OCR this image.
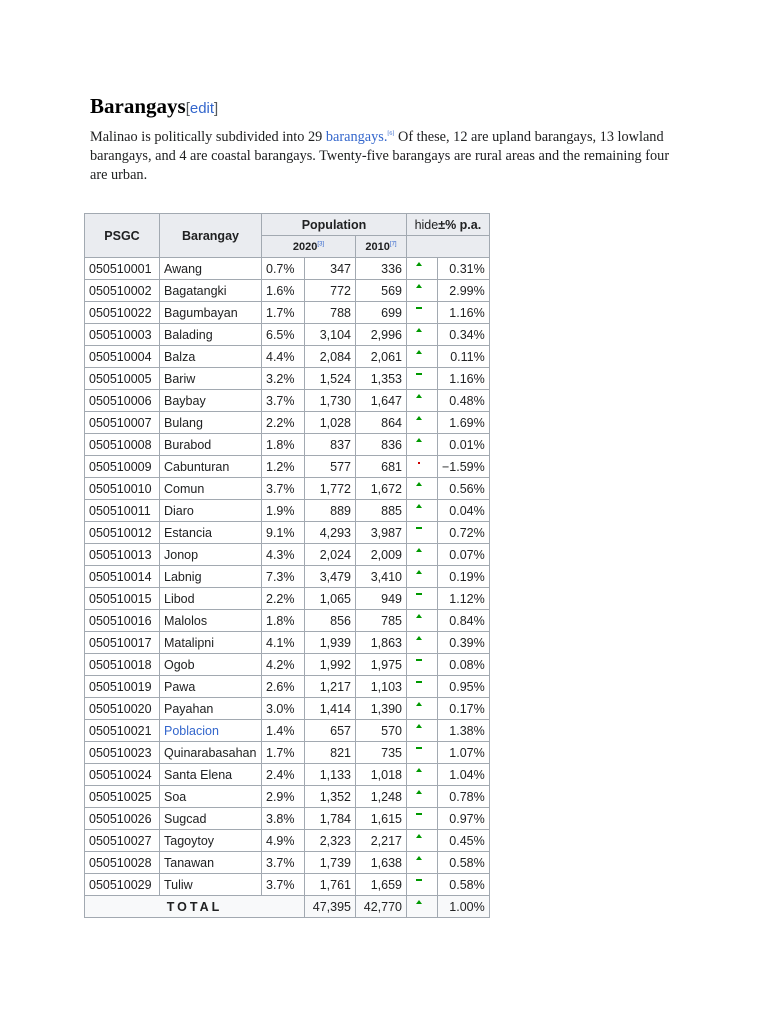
Barangays[edit]

Malinao is politically subdivided into 29 barangays.[6] Of these, 12 are upland barangays, 13 lowland barangays, and 4 are coastal barangays. Twenty-five barangays are rural areas and the remaining four are urban.

PSGC	Barangay	Population			hide±% p.a.	
		2020[3]		2010[7]	
050510001	Awang	0.7%	347	336		0.31%
050510002	Bagatangki	1.6%	772	569		2.99%
050510022	Bagumbayan	1.7%	788	699		1.16%
050510003	Balading	6.5%	3,104	2,996		0.34%
050510004	Balza	4.4%	2,084	2,061		0.11%
050510005	Bariw	3.2%	1,524	1,353		1.16%
050510006	Baybay	3.7%	1,730	1,647		0.48%
050510007	Bulang	2.2%	1,028	864		1.69%
050510008	Burabod	1.8%	837	836		0.01%
050510009	Cabunturan	1.2%	577	681		−1.59%
050510010	Comun	3.7%	1,772	1,672		0.56%
050510011	Diaro	1.9%	889	885		0.04%
050510012	Estancia	9.1%	4,293	3,987		0.72%
050510013	Jonop	4.3%	2,024	2,009		0.07%
050510014	Labnig	7.3%	3,479	3,410		0.19%
050510015	Libod	2.2%	1,065	949		1.12%
050510016	Malolos	1.8%	856	785		0.84%
050510017	Matalipni	4.1%	1,939	1,863		0.39%
050510018	Ogob	4.2%	1,992	1,975		0.08%
050510019	Pawa	2.6%	1,217	1,103		0.95%
050510020	Payahan	3.0%	1,414	1,390		0.17%
050510021	Poblacion	1.4%	657	570		1.38%
050510023	Quinarabasahan	1.7%	821	735		1.07%
050510024	Santa Elena	2.4%	1,133	1,018		1.04%
050510025	Soa	2.9%	1,352	1,248		0.78%
050510026	Sugcad	3.8%	1,784	1,615		0.97%
050510027	Tagoytoy	4.9%	2,323	2,217		0.45%
050510028	Tanawan	3.7%	1,739	1,638		0.58%
050510029	Tuliw	3.7%	1,761	1,659		0.58%
TOTAL			47,395	42,770		1.00%
